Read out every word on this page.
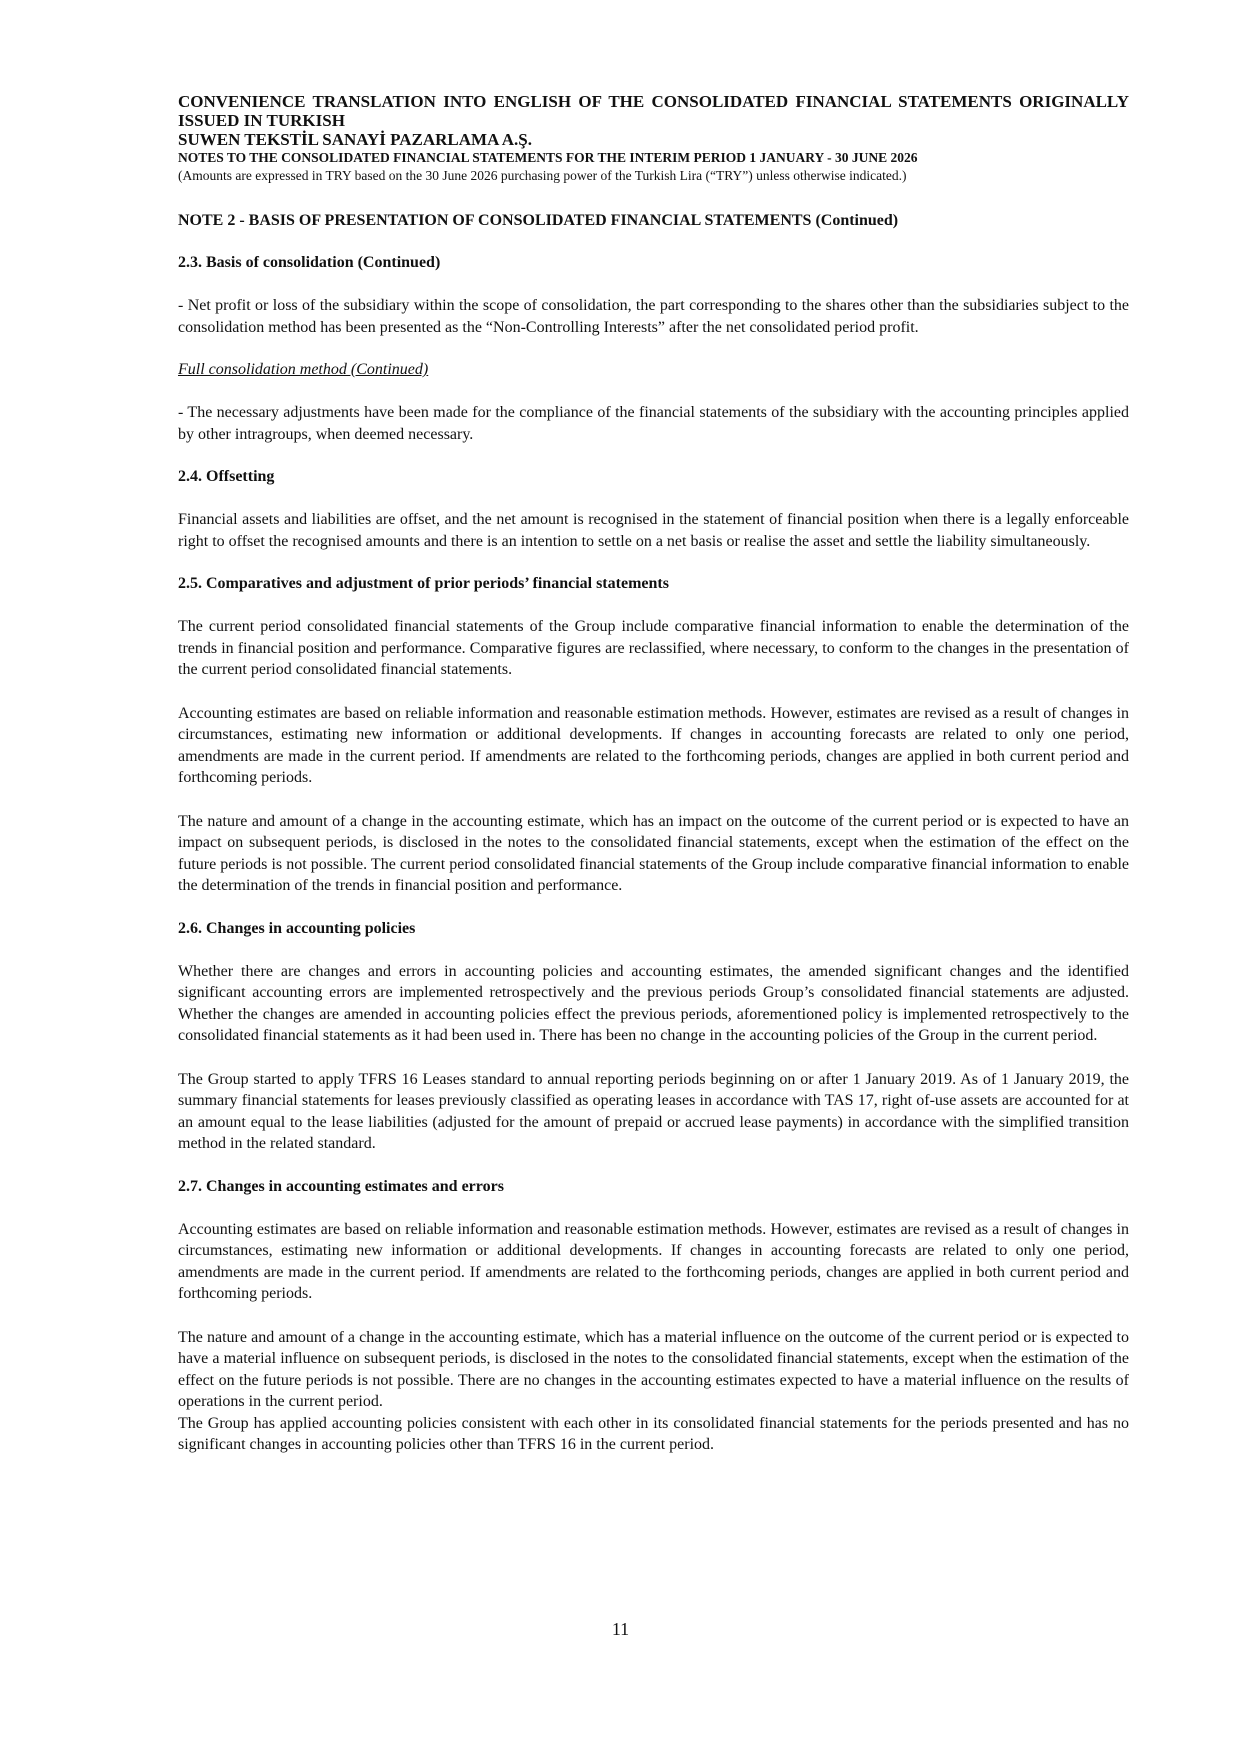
CONVENIENCE TRANSLATION INTO ENGLISH OF THE CONSOLIDATED FINANCIAL STATEMENTS ORIGINALLY ISSUED IN TURKISH

SUWEN TEKSTİL SANAYİ PAZARLAMA A.Ş.

NOTES TO THE CONSOLIDATED FINANCIAL STATEMENTS FOR THE INTERIM PERIOD 1 JANUARY - 30 JUNE 2026

(Amounts are expressed in TRY based on the 30 June 2026 purchasing power of the Turkish Lira (“TRY”) unless otherwise indicated.)

NOTE 2 - BASIS OF PRESENTATION OF CONSOLIDATED FINANCIAL STATEMENTS (Continued)
2.3. Basis of consolidation (Continued)

- Net profit or loss of the subsidiary within the scope of consolidation, the part corresponding to the shares other than the subsidiaries subject to the consolidation method has been presented as the “Non-Controlling Interests” after the net consolidated period profit.

Full consolidation method (Continued)

- The necessary adjustments have been made for the compliance of the financial statements of the subsidiary with the accounting principles applied by other intragroups, when deemed necessary.

2.4. Offsetting

Financial assets and liabilities are offset, and the net amount is recognised in the statement of financial position when there is a legally enforceable right to offset the recognised amounts and there is an intention to settle on a net basis or realise the asset and settle the liability simultaneously.

2.5. Comparatives and adjustment of prior periods’ financial statements

The current period consolidated financial statements of the Group include comparative financial information to enable the determination of the trends in financial position and performance. Comparative figures are reclassified, where necessary, to conform to the changes in the presentation of the current period consolidated financial statements.

Accounting estimates are based on reliable information and reasonable estimation methods. However, estimates are revised as a result of changes in circumstances, estimating new information or additional developments. If changes in accounting forecasts are related to only one period, amendments are made in the current period. If amendments are related to the forthcoming periods, changes are applied in both current period and forthcoming periods.

The nature and amount of a change in the accounting estimate, which has an impact on the outcome of the current period or is expected to have an impact on subsequent periods, is disclosed in the notes to the consolidated financial statements, except when the estimation of the effect on the future periods is not possible. The current period consolidated financial statements of the Group include comparative financial information to enable the determination of the trends in financial position and performance.

2.6. Changes in accounting policies

Whether there are changes and errors in accounting policies and accounting estimates, the amended significant changes and the identified significant accounting errors are implemented retrospectively and the previous periods Group’s consolidated financial statements are adjusted. Whether the changes are amended in accounting policies effect the previous periods, aforementioned policy is implemented retrospectively to the consolidated financial statements as it had been used in. There has been no change in the accounting policies of the Group in the current period.

The Group started to apply TFRS 16 Leases standard to annual reporting periods beginning on or after 1 January 2019. As of 1 January 2019, the summary financial statements for leases previously classified as operating leases in accordance with TAS 17, right of-use assets are accounted for at an amount equal to the lease liabilities (adjusted for the amount of prepaid or accrued lease payments) in accordance with the simplified transition method in the related standard.

2.7. Changes in accounting estimates and errors

Accounting estimates are based on reliable information and reasonable estimation methods. However, estimates are revised as a result of changes in circumstances, estimating new information or additional developments. If changes in accounting forecasts are related to only one period, amendments are made in the current period. If amendments are related to the forthcoming periods, changes are applied in both current period and forthcoming periods.

The nature and amount of a change in the accounting estimate, which has a material influence on the outcome of the current period or is expected to have a material influence on subsequent periods, is disclosed in the notes to the consolidated financial statements, except when the estimation of the effect on the future periods is not possible. There are no changes in the accounting estimates expected to have a material influence on the results of operations in the current period.

The Group has applied accounting policies consistent with each other in its consolidated financial statements for the periods presented and has no significant changes in accounting policies other than TFRS 16 in the current period.

11
